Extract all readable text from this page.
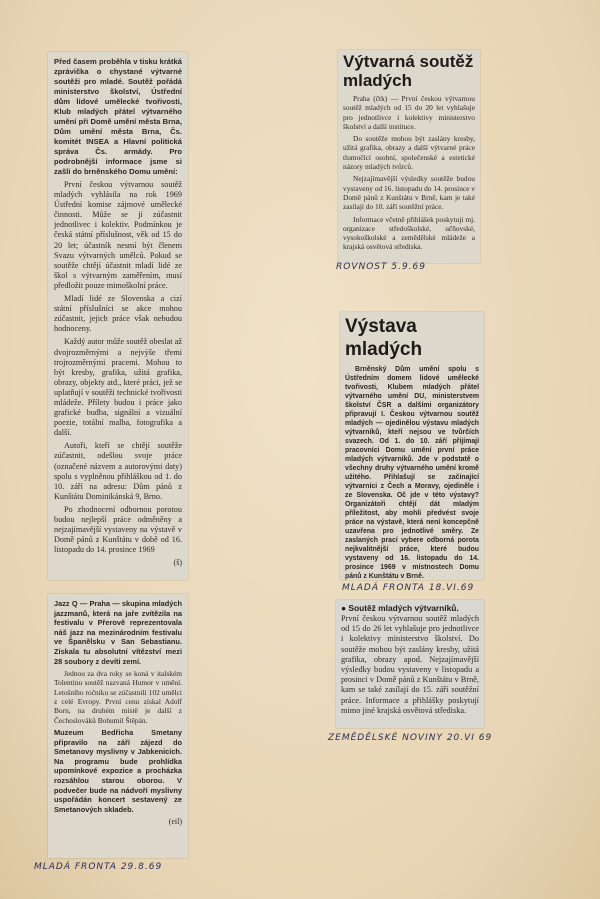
Před časem proběhla v tisku krátká zprávička o chystané výtvarné soutěži pro mladé. Soutěž pořádá ministerstvo školství, Ústřední dům lidové umělecké tvořivosti, Klub mladých přátel výtvarného umění při Domě umění města Brna, Dům umění města Brna, Čs. komitét INSEA a Hlavní politická správa Čs. armády. Pro podrobnější informace jsme si zašli do brněnského Domu umění:

První českou výtvarnou soutěž mladých vyhlásila na rok 1969 Ústřední komise zájmové umělecké činnosti. Může se jí zúčastnit jednotlivec i kolektiv. Podmínkou je česká státní příslušnost, věk od 15 do 20 let; účastník nesmí být členem Svazu výtvarných umělců. Pokud se soutěže chtějí účastnit mladí lidé ze škol s výtvarným zaměřením, musí předložit pouze mimoškolní práce.

Mladí lidé ze Slovenska a cizí státní příslušníci se akce mohou zúčastnit, jejich práce však nebudou hodnoceny.

Každý autor může soutěž obeslat až dvojrozměrnými a nejvýše třemi trojrozměrnými pracemi. Mohou to být kresby, grafika, užitá grafika, obrazy, objekty atd., které práci, jež se uplatňují v soutěži technické tvořivosti mládeže. Přílety budou i práce jako grafické budba, signální a vizuální poezie, totální malba, fotografika a další.

Autoři, kteří se chtějí soutěže zúčastnit, odešlou svoje práce (označené názvem a autorovými daty) spolu s vyplněnou přihláškou od 1. do 10. září na adresu: Dům pánů z Kunštátu Dominikánská 9, Brno.

Po zhodnocení odbornou porotou budou nejlepší práce odměněny a nejzajímavější vystaveny na výstavě v Domě pánů z Kunštátu v době od 16. listopadu do 14. prosince 1969

(š)

Jazz Q — Praha — skupina mladých jazzmanů, která na jaře zvítězila na festivalu v Přerově reprezentovala náš jazz na mezinárodním festivalu ve Španělsku v San Sebastianu. Získala tu absolutní vítězství mezi 28 soubory z devíti zemí.

Jednou za dva roky se koná v italském Tolentinu soutěž nazvaná Humor v umění. Letošního ročníku se zúčastnili 102 umělci z celé Evropy. První cenu získal Adolf Born, na druhém místě je další z Čechoslováků Bohumil Štěpán.

Muzeum Bedřicha Smetany připravilo na září zájezd do Smetanovy myslivny v Jabkenicích. Na programu bude prohlídka upomínkové expozice a procházka rozsáhlou starou oborou. V podvečer bude na nádvoří myslivny uspořádán koncert sestavený ze Smetanových skladeb.

(eil)

MLADÁ FRONTA 29.8.69

Výtvarná soutěž

mladých

Praha (čtk) — První českou výtvarnou soutěž mladých od 15 do 20 let vyhlašuje pro jednotlivce i kolektivy ministerstvo školství a další instituce.

Do soutěže mohou být zaslány kresby, užitá grafika, obrazy a další výtvarné práce tlumočící osobní, společenské a estetické názory mladých tvůrců.

Nejzajímavější výsledky soutěže budou vystaveny od 16. listopadu do 14. prosince v Domě pánů z Kunštátu v Brně, kam je také zasílají do 10. září soutěžní práce.

Informace včetně přihlášek poskytují mj. organizace středoškolské, učňovské, vysokoškolské a zemědělské mládeže a krajská osvětová střediska.

ROVNOST 5.9.69

Výstava mladých

Brněnský Dům umění spolu s Ústředním domem lidové umělecké tvořivosti, Klubem mladých přátel výtvarného umění DU, ministerstvem školství ČSR a dalšími organizátory připravují I. Českou výtvarnou soutěž mladých — ojedinělou výstavu mladých výtvarníků, kteří nejsou ve tvůrčích svazech. Od 1. do 10. září přijímají pracovníci Domu umění první práce mladých výtvarníků. Jde v podstatě o všechny druhy výtvarného umění kromě užitého. Přihlašují se začínající výtvarníci z Čech a Moravy, ojediněle i ze Slovenska. Oč jde v této výstavy? Organizátoři chtějí dát mladým příležitost, aby mohli předvést svoje práce na výstavě, která není koncepčně uzavřena pro jednotlivé směry. Ze zaslaných prací vybere odborná porota nejkvalitnější práce, které budou vystaveny od 16. listopadu do 14. prosince 1969 v místnostech Domu pánů z Kunštátu v Brně.

MLADÁ FRONTA 18.VI.69

● Soutěž mladých výtvarníků.

První českou výtvarnou soutěž mladých od 15 do 26 let vyhlašuje pro jednotlivce i kolektivy ministerstvo školství. Do soutěže mohou být zaslány kresby, užitá grafika, obrazy apod. Nejzajímavější výsledky budou vystaveny v listopadu a prosinci v Domě pánů z Kunštátu v Brně, kam se také zasílají do 15. září soutěžní práce. Informace a přihlášky poskytují mimo jiné krajská osvětová střediska.

ZEMĚDĚLSKÉ NOVINY 20.VI 69
